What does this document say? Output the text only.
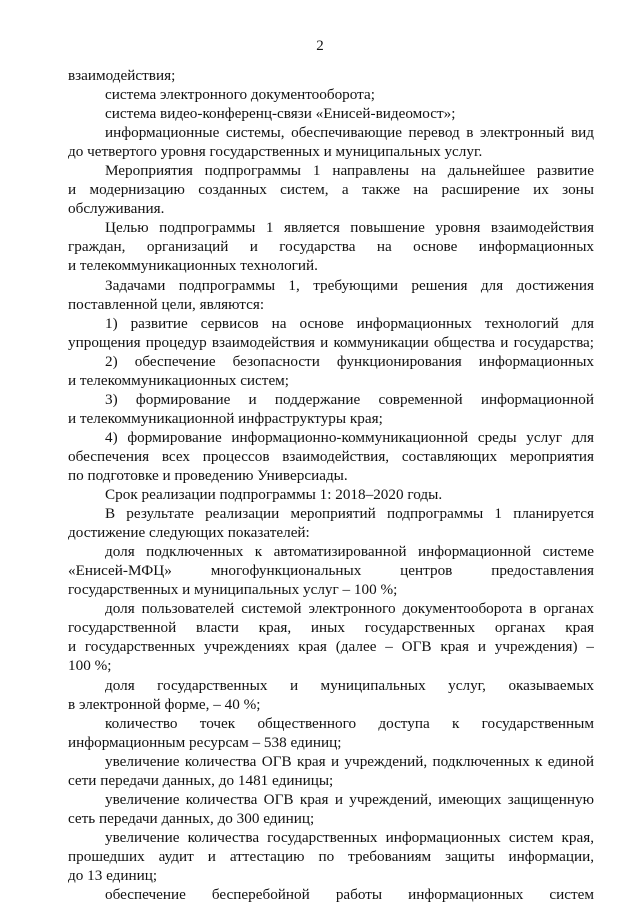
2
взаимодействия;
система электронного документооборота;
система видео-конференц-связи «Енисей-видеомост»;
информационные системы, обеспечивающие перевод в электронный вид
до четвертого уровня государственных и муниципальных услуг.
Мероприятия подпрограммы 1 направлены на дальнейшее развитие
и модернизацию созданных систем, а также на расширение их зоны
обслуживания.
Целью подпрограммы 1 является повышение уровня взаимодействия
граждан, организаций и государства на основе информационных
и телекоммуникационных технологий.
Задачами подпрограммы 1, требующими решения для достижения
поставленной цели, являются:
1) развитие сервисов на основе информационных технологий для
упрощения процедур взаимодействия и коммуникации общества и государства;
2) обеспечение безопасности функционирования информационных
и телекоммуникационных систем;
3) формирование и поддержание современной информационной
и телекоммуникационной инфраструктуры края;
4) формирование информационно-коммуникационной среды услуг для
обеспечения всех процессов взаимодействия, составляющих мероприятия
по подготовке и проведению Универсиады.
Срок реализации подпрограммы 1: 2018–2020 годы.
В результате реализации мероприятий подпрограммы 1 планируется
достижение следующих показателей:
доля подключенных к автоматизированной информационной системе
«Енисей-МФЦ» многофункциональных центров предоставления
государственных и муниципальных услуг – 100 %;
доля пользователей системой электронного документооборота в органах
государственной власти края, иных государственных органах края
и государственных учреждениях края (далее – ОГВ края и учреждения) –
100 %;
доля государственных и муниципальных услуг, оказываемых
в электронной форме, – 40 %;
количество точек общественного доступа к государственным
информационным ресурсам – 538 единиц;
увеличение количества ОГВ края и учреждений, подключенных к единой
сети передачи данных, до 1481 единицы;
увеличение количества ОГВ края и учреждений, имеющих защищенную
сеть передачи данных, до 300 единиц;
увеличение количества государственных информационных систем края,
прошедших аудит и аттестацию по требованиям защиты информации,
до 13 единиц;
обеспечение бесперебойной работы информационных систем
